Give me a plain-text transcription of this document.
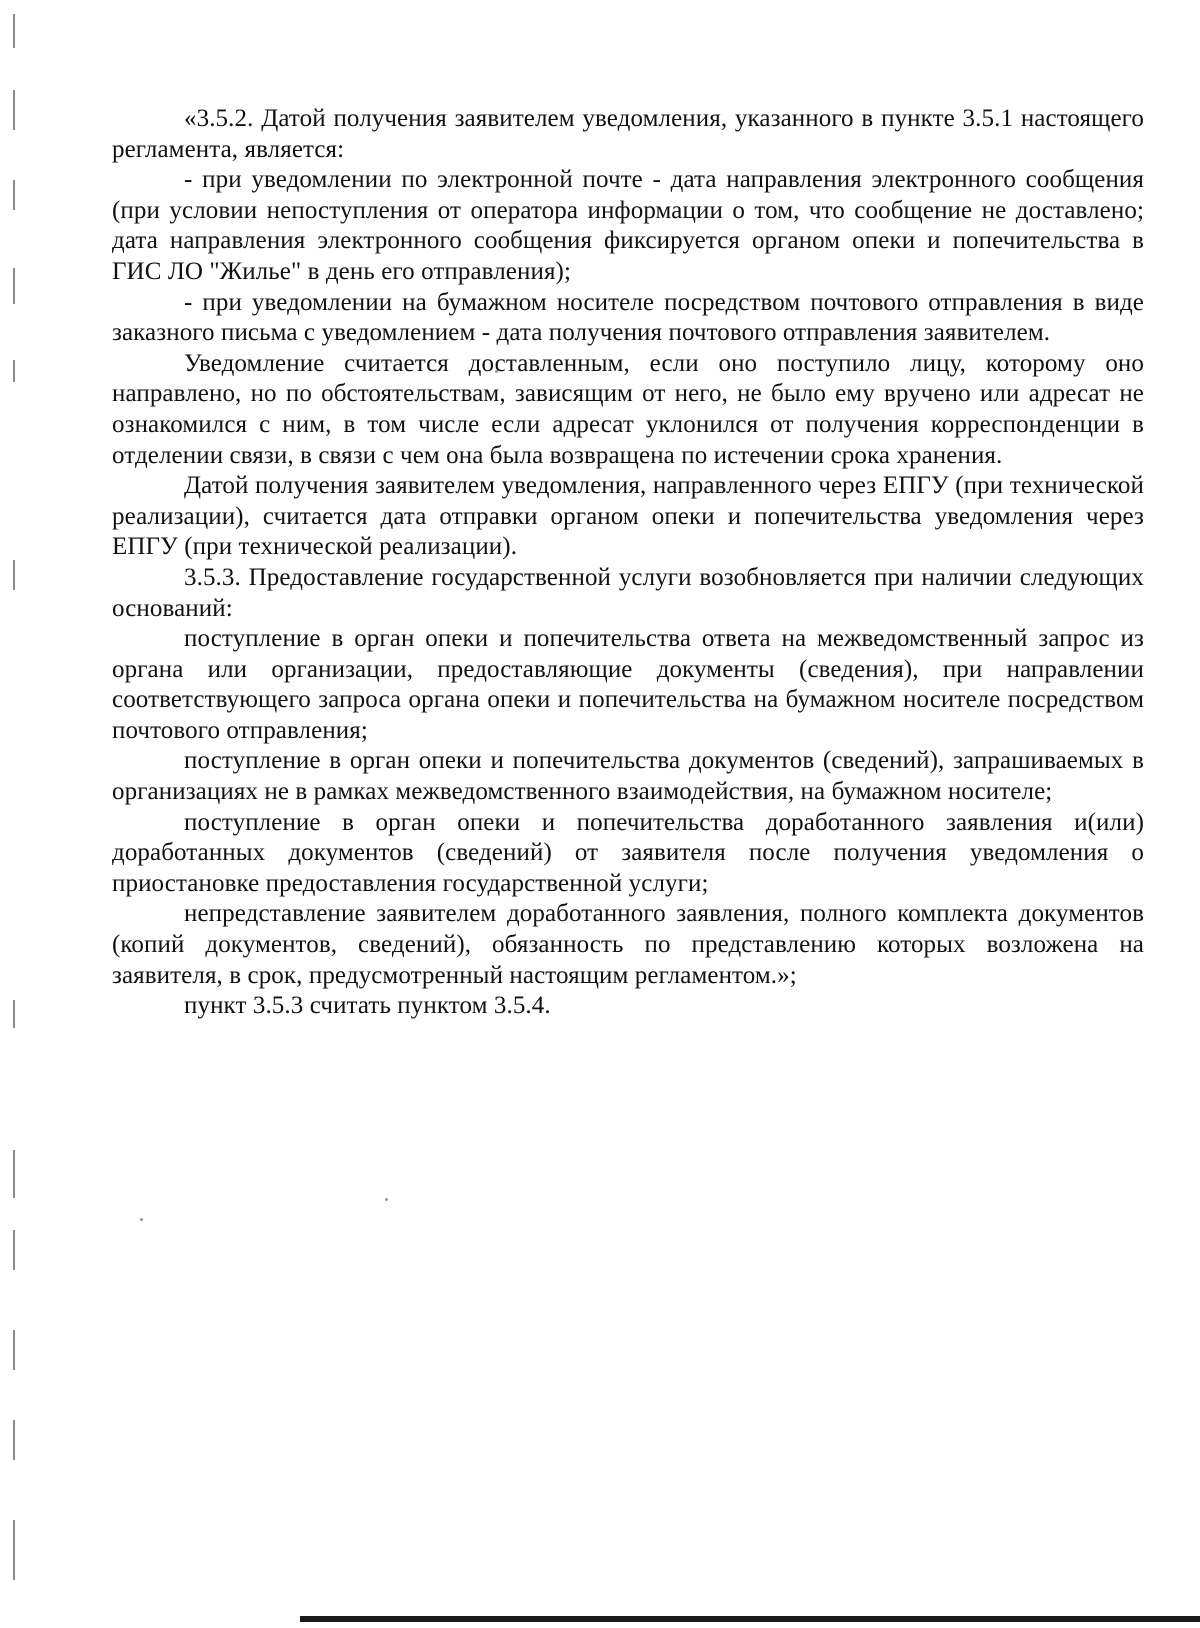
«3.5.2. Датой получения заявителем уведомления, указанного в пункте 3.5.1 настоящего регламента, является:

- при уведомлении по электронной почте - дата направления электронного сообщения (при условии непоступления от оператора информации о том, что сообщение не доставлено; дата направления электронного сообщения фиксируется органом опеки и попечительства в ГИС ЛО "Жилье" в день его отправления);

- при уведомлении на бумажном носителе посредством почтового отправления в виде заказного письма с уведомлением - дата получения почтового отправления заявителем.

Уведомление считается доставленным, если оно поступило лицу, которому оно направлено, но по обстоятельствам, зависящим от него, не было ему вручено или адресат не ознакомился с ним, в том числе если адресат уклонился от получения корреспонденции в отделении связи, в связи с чем она была возвращена по истечении срока хранения.

Датой получения заявителем уведомления, направленного через ЕПГУ (при технической реализации), считается дата отправки органом опеки и попечительства уведомления через ЕПГУ (при технической реализации).

3.5.3. Предоставление государственной услуги возобновляется при наличии следующих оснований:

поступление в орган опеки и попечительства ответа на межведомственный запрос из органа или организации, предоставляющие документы (сведения), при направлении соответствующего запроса органа опеки и попечительства на бумажном носителе посредством почтового отправления;

поступление в орган опеки и попечительства документов (сведений), запрашиваемых в организациях не в рамках межведомственного взаимодействия, на бумажном носителе;

поступление в орган опеки и попечительства доработанного заявления и(или) доработанных документов (сведений) от заявителя после получения уведомления о приостановке предоставления государственной услуги;

непредставление заявителем доработанного заявления, полного комплекта документов (копий документов, сведений), обязанность по представлению которых возложена на заявителя, в срок, предусмотренный настоящим регламентом.»;

пункт 3.5.3 считать пунктом 3.5.4.
